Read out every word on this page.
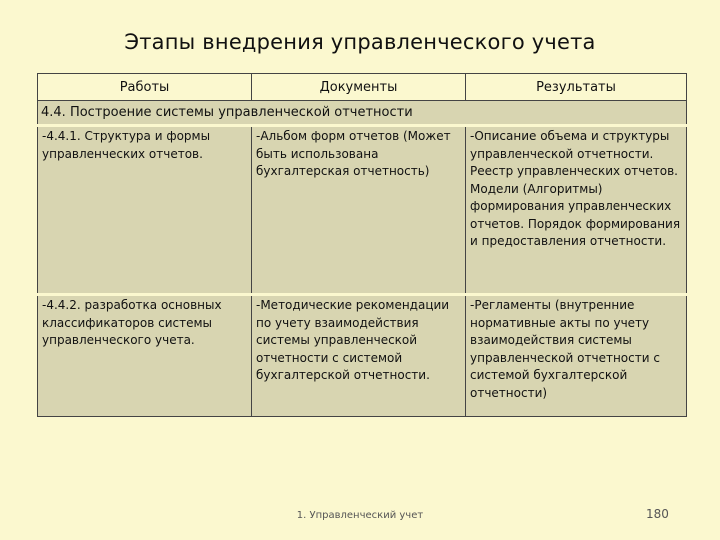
Этапы внедрения управленческого учета
Работы	Документы	Результаты
4.4. Построение системы управленческой отчетности		
-4.4.1. Структура и формы управленческих отчетов.	-Альбом форм отчетов (Может быть использована бухгалтерская отчетность)	-Описание объема и структуры управленческой отчетности. Реестр управленческих отчетов. Модели (Алгоритмы) формирования управленческих отчетов. Порядок формирования и предоставления отчетности.
-4.4.2. разработка основных классификаторов системы управленческого учета.	-Методические рекомендации по учету взаимодействия системы управленческой отчетности с системой бухгалтерской отчетности.	-Регламенты (внутренние нормативные акты по учету взаимодействия системы управленческой отчетности с системой бухгалтерской отчетности)
1. Управленческий учет	180
